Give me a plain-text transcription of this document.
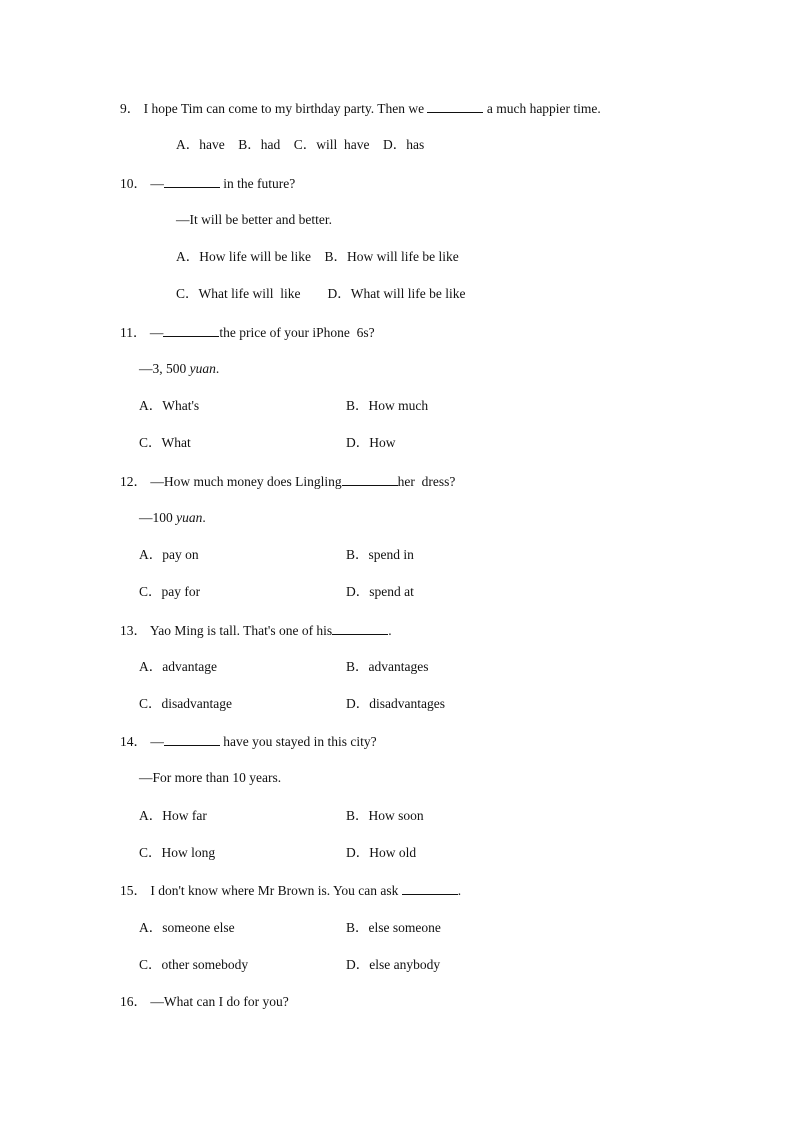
9． I hope Tim can come to my birthday party. Then we	a much happier time.
A．have    B．had    C．will  have    D．has
10． —	in the future?
—It will be better and better.
A．How life will be like    B．How will life be like
C．What life will  like        D．What will life be like
11． —	the price of your iPhone  6s?
—3, 500 yuan.
A．What's	B．How much
C．What	D．How
12． —How much money does Lingling	her  dress?
—100 yuan.
A．pay on	B．spend in
C．pay for	D．spend at
13． Yao Ming is tall. That's one of his	.
A．advantage	B．advantages
C．disadvantage	D．disadvantages
14． —	have you stayed in this city?
—For more than 10 years.
A．How far	B．How soon
C．How long	D．How old
15． I don't know where Mr Brown is. You can ask	.
A．someone else	B．else someone
C．other somebody	D．else anybody
16． —What can I do for you?
